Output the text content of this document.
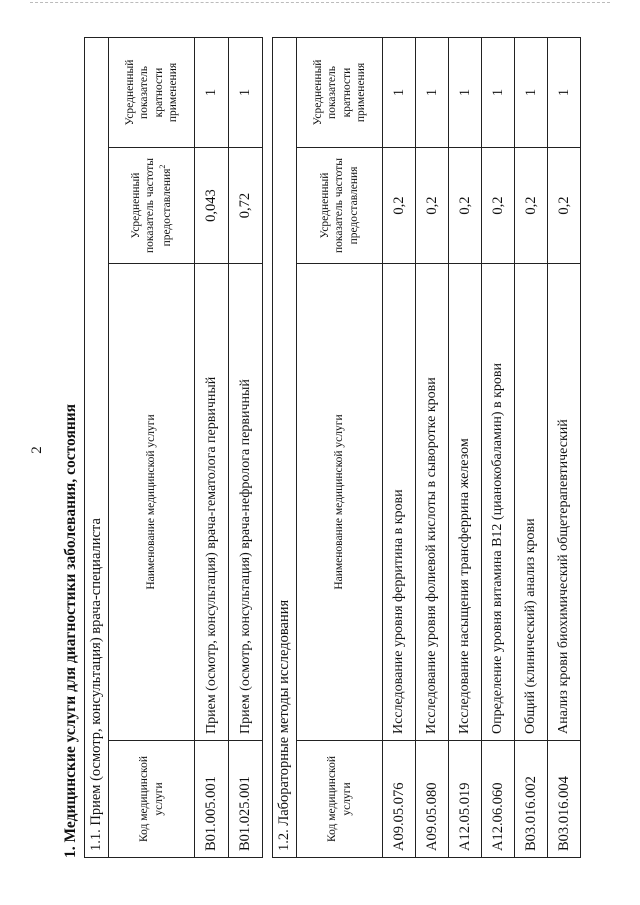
2 1. Медицинские услуги для диагностики заболевания, состояния 1.1. Прием (осмотр, консультация) врача-специалиста			
Код медицинской услуги	Наименование медицинской услуги	Усредненный показатель частоты предоставления$^2$	Усредненный показатель кратности применения
B01.005.001	Прием (осмотр, консультация) врача-гематолога первичный	0,043	1
B01.025.001	Прием (осмотр, консультация) врача-нефролога первичный	0,72	1
1.2. Лабораторные методы исследования			
Код медицинской услуги	Наименование медицинской услуги	Усредненный показатель частоты предоставления	Усредненный показатель кратности применения
A09.05.076	Исследование уровня ферритина в крови	0,2	1
A09.05.080	Исследование уровня фолиевой кислоты в сыворотке крови	0,2	1
A12.05.019	Исследование насыщения трансферрина железом	0,2	1
A12.06.060	Определение уровня витамина B12 (цианокобаламин) в крови	0,2	1
B03.016.002	Общий (клинический) анализ крови	0,2	1
B03.016.004	Анализ крови биохимический общетерапевтический	0,2	1
